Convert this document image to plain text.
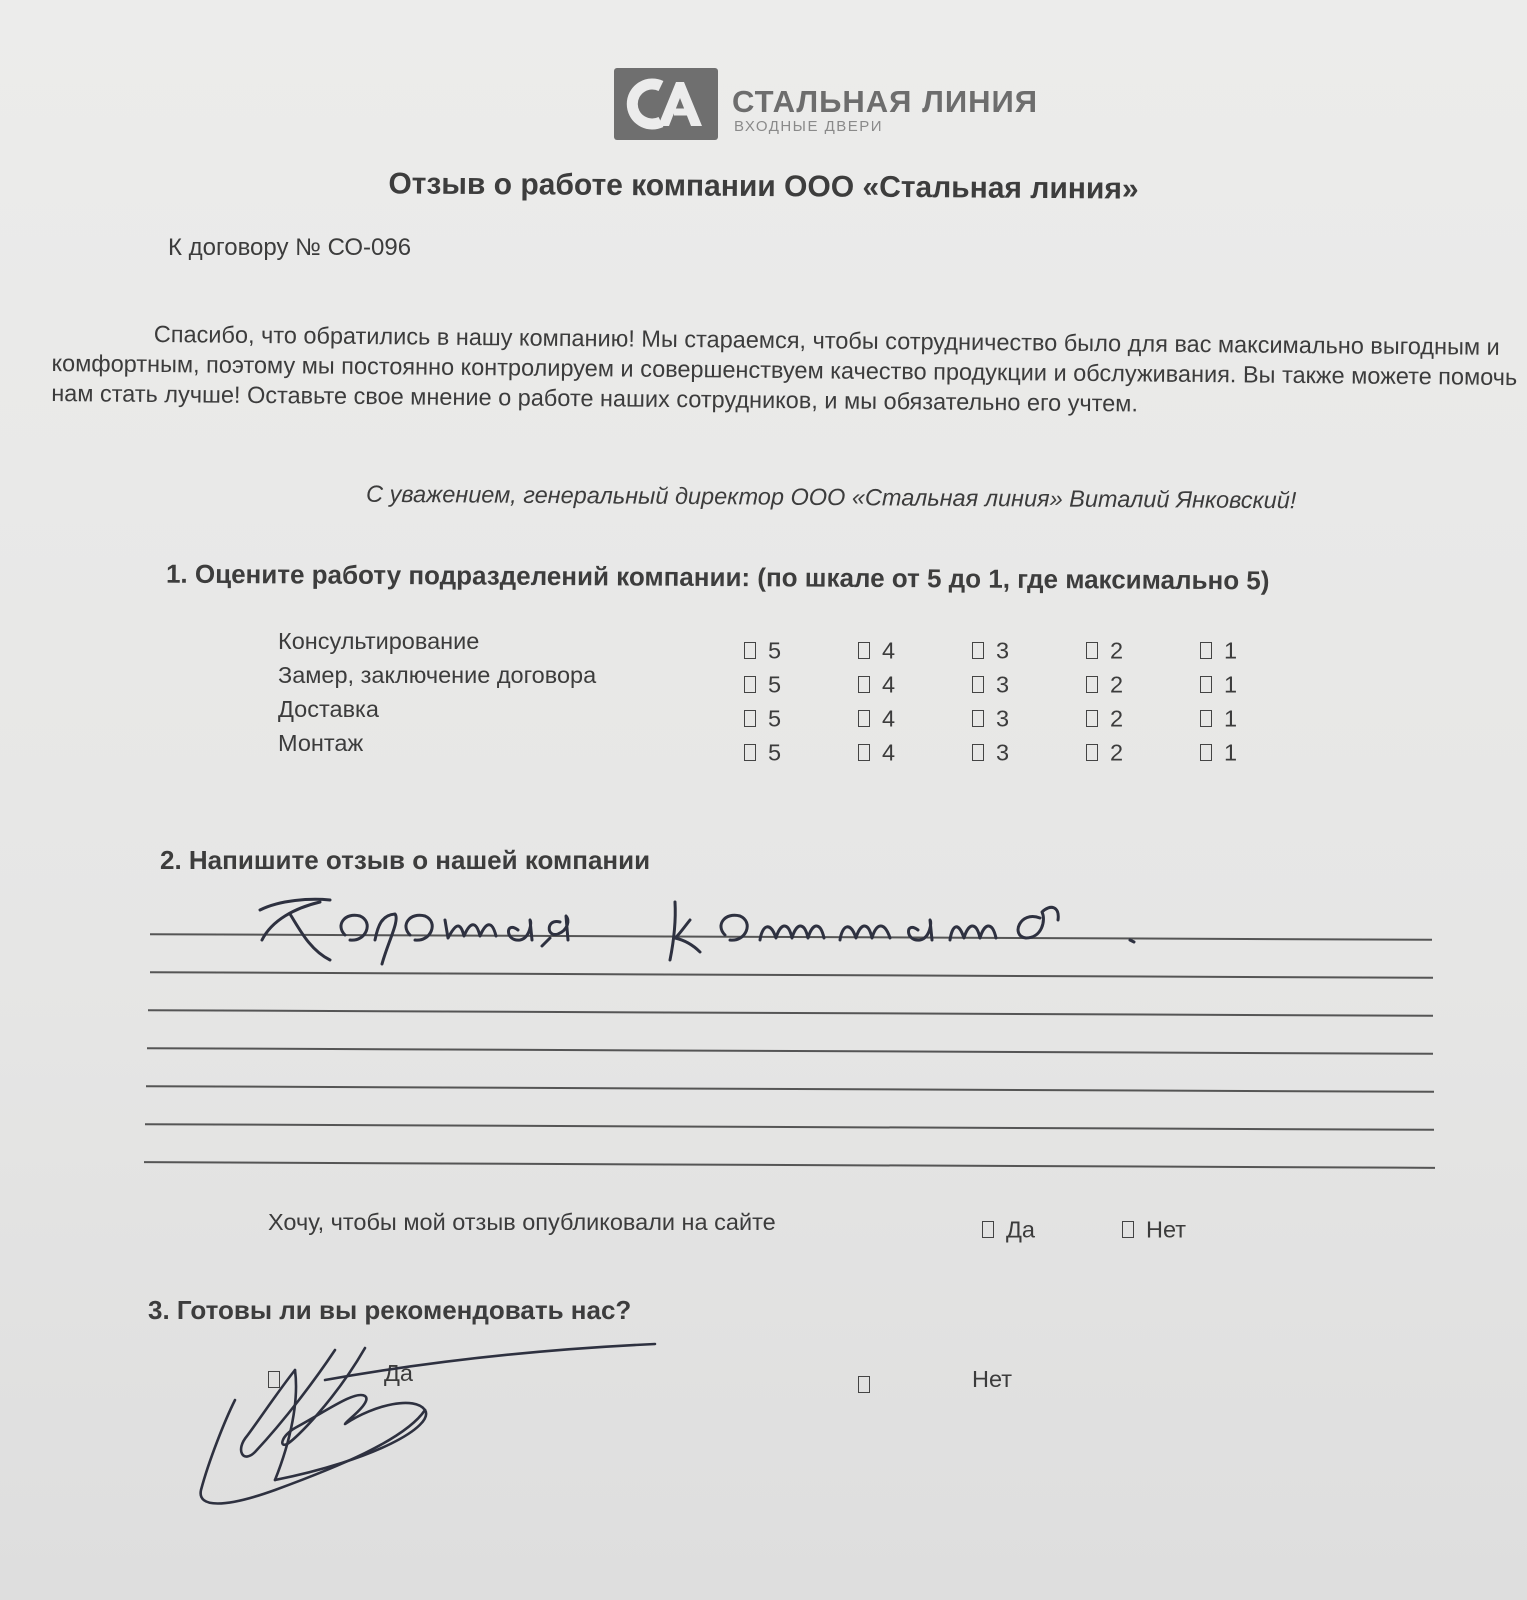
СТАЛЬНАЯ ЛИНИЯ
ВХОДНЫЕ ДВЕРИ
Отзыв о работе компании ООО «Стальная линия»
К договору № СО-096

Спасибо, что обратились в нашу компанию! Мы стараемся, чтобы сотрудничество было для вас максимально выгодным и комфортным, поэтому мы постоянно контролируем и совершенствуем качество продукции и обслуживания. Вы также можете помочь нам стать лучше! Оставьте свое мнение о работе наших сотрудников, и мы обязательно его учтем.

С уважением, генеральный директор ООО «Стальная линия» Виталий Янковский!
1. Оцените работу подразделений компании: (по шкале от 5 до 1, где максимально 5)
Консультирование	5	4	3	2	1
Замер, заключение договора	5	4	3	2	1
Доставка	5	4	3	2	1
Монтаж	5	4	3	2	1
2. Напишите отзыв о нашей компании
Хочу, чтобы мой отзыв опубликовали на сайте	Да	Нет
3. Готовы ли вы рекомендовать нас?
Да	Нет
